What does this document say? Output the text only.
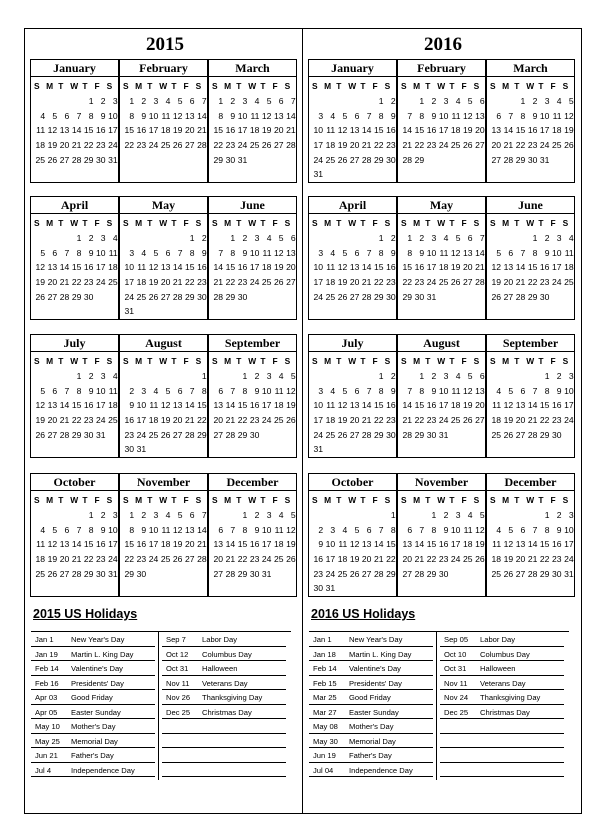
2015
January
S M T W T F S
1 2 3
4 5 6 7 8 9 10
11 12 13 14 15 16 17
18 19 20 21 22 23 24
25 26 27 28 29 30 31
February
S M T W T F S
1 2 3 4 5 6 7
8 9 10 11 12 13 14
15 16 17 18 19 20 21
22 23 24 25 26 27 28
March
S M T W T F S
1 2 3 4 5 6 7
8 9 10 11 12 13 14
15 16 17 18 19 20 21
22 23 24 25 26 27 28
29 30 31
April
S M T W T F S
1 2 3 4
5 6 7 8 9 10 11
12 13 14 15 16 17 18
19 20 21 22 23 24 25
26 27 28 29 30
May
S M T W T F S
1 2
3 4 5 6 7 8 9
10 11 12 13 14 15 16
17 18 19 20 21 22 23
24 25 26 27 28 29 30
31
June
S M T W T F S
1 2 3 4 5 6
7 8 9 10 11 12 13
14 15 16 17 18 19 20
21 22 23 24 25 26 27
28 29 30
July
S M T W T F S
1 2 3 4
5 6 7 8 9 10 11
12 13 14 15 16 17 18
19 20 21 22 23 24 25
26 27 28 29 30 31
August
S M T W T F S
1
2 3 4 5 6 7 8
9 10 11 12 13 14 15
16 17 18 19 20 21 22
23 24 25 26 27 28 29
30 31
September
S M T W T F S
1 2 3 4 5
6 7 8 9 10 11 12
13 14 15 16 17 18 19
20 21 22 23 24 25 26
27 28 29 30
October
S M T W T F S
1 2 3
4 5 6 7 8 9 10
11 12 13 14 15 16 17
18 19 20 21 22 23 24
25 26 27 28 29 30 31
November
S M T W T F S
1 2 3 4 5 6 7
8 9 10 11 12 13 14
15 16 17 18 19 20 21
22 23 24 25 26 27 28
29 30
December
S M T W T F S
1 2 3 4 5
6 7 8 9 10 11 12
13 14 15 16 17 18 19
20 21 22 23 24 25 26
27 28 29 30 31
2015 US Holidays
Jan 1 New Year's Day
Jan 19 Martin L. King Day
Feb 14 Valentine's Day
Feb 16 Presidents' Day
Apr 03 Good Friday
Apr 05 Easter Sunday
May 10 Mother's Day
May 25 Memorial Day
Jun 21 Father's Day
Jul 4	Independence Day
Sep 7 Labor Day
Oct 12 Columbus Day
Oct 31 Halloween
Nov 11 Veterans Day
Nov 26 Thanksgiving Day
Dec 25 Christmas Day
2016
January
S M T W T F S
1 2
3 4 5 6 7 8 9
10 11 12 13 14 15 16
17 18 19 20 21 22 23
24 25 26 27 28 29 30
31
February
S M T W T F S
1 2 3 4 5 6
7 8 9 10 11 12 13
14 15 16 17 18 19 20
21 22 23 24 25 26 27
28 29
March
S M T W T F S
1 2 3 4 5
6 7 8 9 10 11 12
13 14 15 16 17 18 19
20 21 22 23 24 25 26
27 28 29 30 31
April
S M T W T F S
1 2
3 4 5 6 7 8 9
10 11 12 13 14 15 16
17 18 19 20 21 22 23
24 25 26 27 28 29 30
May
S M T W T F S
1 2 3 4 5 6 7
8 9 10 11 12 13 14
15 16 17 18 19 20 21
22 23 24 25 26 27 28
29 30 31
June
S M T W T F S
1 2 3 4
5 6 7 8 9 10 11
12 13 14 15 16 17 18
19 20 21 22 23 24 25
26 27 28 29 30
July
S M T W T F S
1 2
3 4 5 6 7 8 9
10 11 12 13 14 15 16
17 18 19 20 21 22 23
24 25 26 27 28 29 30
31
August
S M T W T F S
1 2 3 4 5 6
7 8 9 10 11 12 13
14 15 16 17 18 19 20
21 22 23 24 25 26 27
28 29 30 31
September
S M T W T F S
1 2 3
4 5 6 7 8 9 10
11 12 13 14 15 16 17
18 19 20 21 22 23 24
25 26 27 28 29 30
October
S M T W T F S
1
2 3 4 5 6 7 8
9 10 11 12 13 14 15
16 17 18 19 20 21 22
23 24 25 26 27 28 29
30 31
November
S M T W T F S
1 2 3 4 5
6 7 8 9 10 11 12
13 14 15 16 17 18 19
20 21 22 23 24 25 26
27 28 29 30
December
S M T W T F S
1 2 3
4 5 6 7 8 9 10
11 12 13 14 15 16 17
18 19 20 21 22 23 24
25 26 27 28 29 30 31
2016 US Holidays
Jan 1 New Year's Day
Jan 18 Martin L. King Day
Feb 14 Valentine's Day
Feb 15 Presidents' Day
Mar 25 Good Friday
Mar 27 Easter Sunday
May 08 Mother's Day
May 30 Memorial Day
Jun 19 Father's Day
Jul 04 Independence Day
Sep 05 Labor Day
Oct 10 Columbus Day
Oct 31 Halloween
Nov 11 Veterans Day
Nov 24 Thanksgiving Day
Dec 25 Christmas Day
